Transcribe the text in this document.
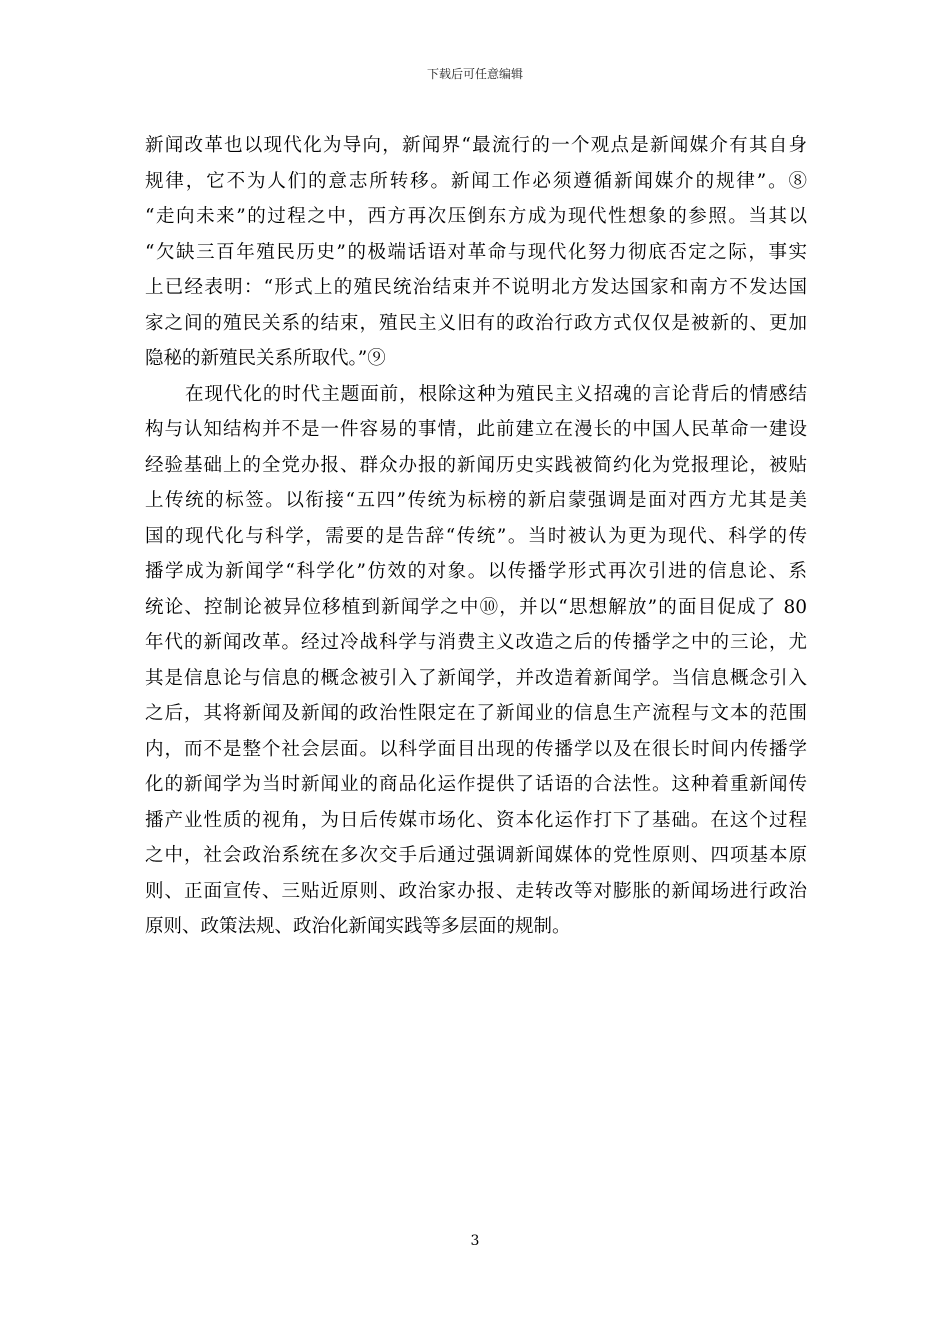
下载后可任意编辑
新闻改革也以现代化为导向，新闻界“最流行的一个观点是新闻媒介有其自身
规律，它不为人们的意志所转移。新闻工作必须遵循新闻媒介的规律”。⑧
“走向未来”的过程之中，西方再次压倒东方成为现代性想象的参照。当其以
“欠缺三百年殖民历史”的极端话语对革命与现代化努力彻底否定之际，事实
上已经表明：“形式上的殖民统治结束并不说明北方发达国家和南方不发达国
家之间的殖民关系的结束，殖民主义旧有的政治行政方式仅仅是被新的、更加
隐秘的新殖民关系所取代。”⑨
在现代化的时代主题面前，根除这种为殖民主义招魂的言论背后的情感结
构与认知结构并不是一件容易的事情，此前建立在漫长的中国人民革命一建设
经验基础上的全党办报、群众办报的新闻历史实践被简约化为党报理论，被贴
上传统的标签。以衔接“五四”传统为标榜的新启蒙强调是面对西方尤其是美
国的现代化与科学，需要的是告辞“传统”。当时被认为更为现代、科学的传
播学成为新闻学“科学化”仿效的对象。以传播学形式再次引进的信息论、系
统论、控制论被异位移植到新闻学之中⑩，并以“思想解放”的面目促成了 80
年代的新闻改革。经过冷战科学与消费主义改造之后的传播学之中的三论，尤
其是信息论与信息的概念被引入了新闻学，并改造着新闻学。当信息概念引入
之后，其将新闻及新闻的政治性限定在了新闻业的信息生产流程与文本的范围
内，而不是整个社会层面。以科学面目出现的传播学以及在很长时间内传播学
化的新闻学为当时新闻业的商品化运作提供了话语的合法性。这种着重新闻传
播产业性质的视角，为日后传媒市场化、资本化运作打下了基础。在这个过程
之中，社会政治系统在多次交手后通过强调新闻媒体的党性原则、四项基本原
则、正面宣传、三贴近原则、政治家办报、走转改等对膨胀的新闻场进行政治
原则、政策法规、政治化新闻实践等多层面的规制。
3
